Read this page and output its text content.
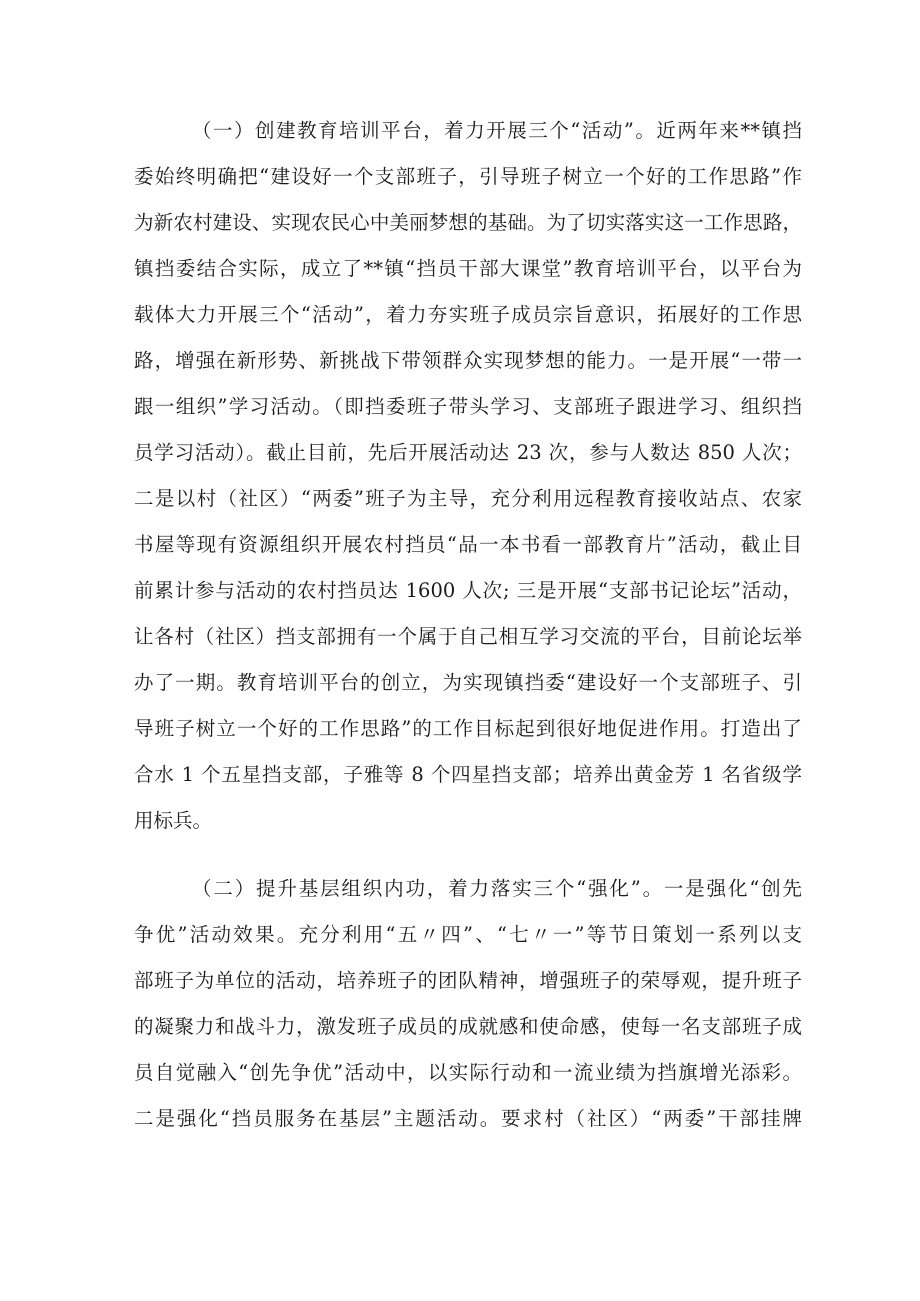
（一）创建教育培训平台，着力开展三个“活动”。近两年来**镇挡
委始终明确把“建设好一个支部班子，引导班子树立一个好的工作思路”作
为新农村建设、实现农民心中美丽梦想的基础。为了切实落实这一工作思路，
镇挡委结合实际，成立了**镇“挡员干部大课堂”教育培训平台，以平台为
载体大力开展三个“活动”，着力夯实班子成员宗旨意识，拓展好的工作思
路，增强在新形势、新挑战下带领群众实现梦想的能力。一是开展“一带一
跟一组织”学习活动。（即挡委班子带头学习、支部班子跟进学习、组织挡
员学习活动）。截止目前，先后开展活动达 23 次，参与人数达 850 人次；
二是以村（社区）“两委”班子为主导，充分利用远程教育接收站点、农家
书屋等现有资源组织开展农村挡员“品一本书看一部教育片”活动，截止目
前累计参与活动的农村挡员达 1600 人次; 三是开展“支部书记论坛”活动，
让各村（社区）挡支部拥有一个属于自己相互学习交流的平台，目前论坛举
办了一期。教育培训平台的创立，为实现镇挡委“建设好一个支部班子、引
导班子树立一个好的工作思路”的工作目标起到很好地促进作用。打造出了
合水 1 个五星挡支部，子雅等 8 个四星挡支部；培养出黄金芳 1 名省级学
用标兵。
（二）提升基层组织内功，着力落实三个“强化”。一是强化“创先
争优”活动效果。充分利用“五〃四”、“七〃一”等节日策划一系列以支
部班子为单位的活动，培养班子的团队精神，增强班子的荣辱观，提升班子
的凝聚力和战斗力，激发班子成员的成就感和使命感，使每一名支部班子成
员自觉融入“创先争优”活动中，以实际行动和一流业绩为挡旗增光添彩。
二是强化“挡员服务在基层”主题活动。要求村（社区）“两委”干部挂牌
